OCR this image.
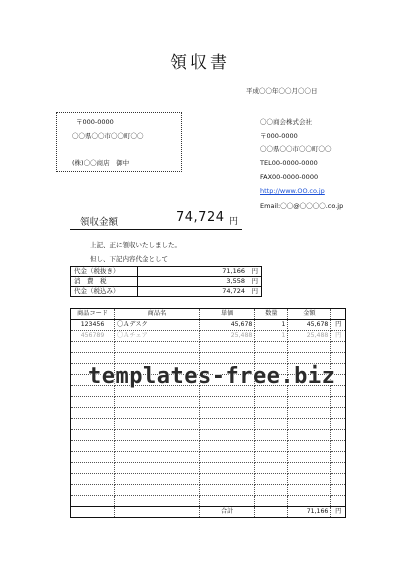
領収書
平成〇〇年〇〇月〇〇日
〒000-0000
〇〇県〇〇市〇〇町〇〇
(株)〇〇商店　御中
〇〇商会株式会社
〒000-0000
〇〇県〇〇市〇〇町〇〇
TEL00-0000-0000
FAX00-0000-0000
http://www.OO.co.jp
Email:〇〇@〇〇〇〇.co.jp
領収金額	74,724 円
上記、正に領収いたしました。
但し、下記内容代金として
代金（税抜き）	71,166　 円
消　費　税	3,558　 円
代金（税込み）	74,724　 円
商品コード	商品名	単価	数量	金額	
123456	〇Ａデスク	45,678	1	45,678	円
456789	〇Ａチェア	25,488	1	25,488	円

		合計		71,166	円
templates-free.biz
